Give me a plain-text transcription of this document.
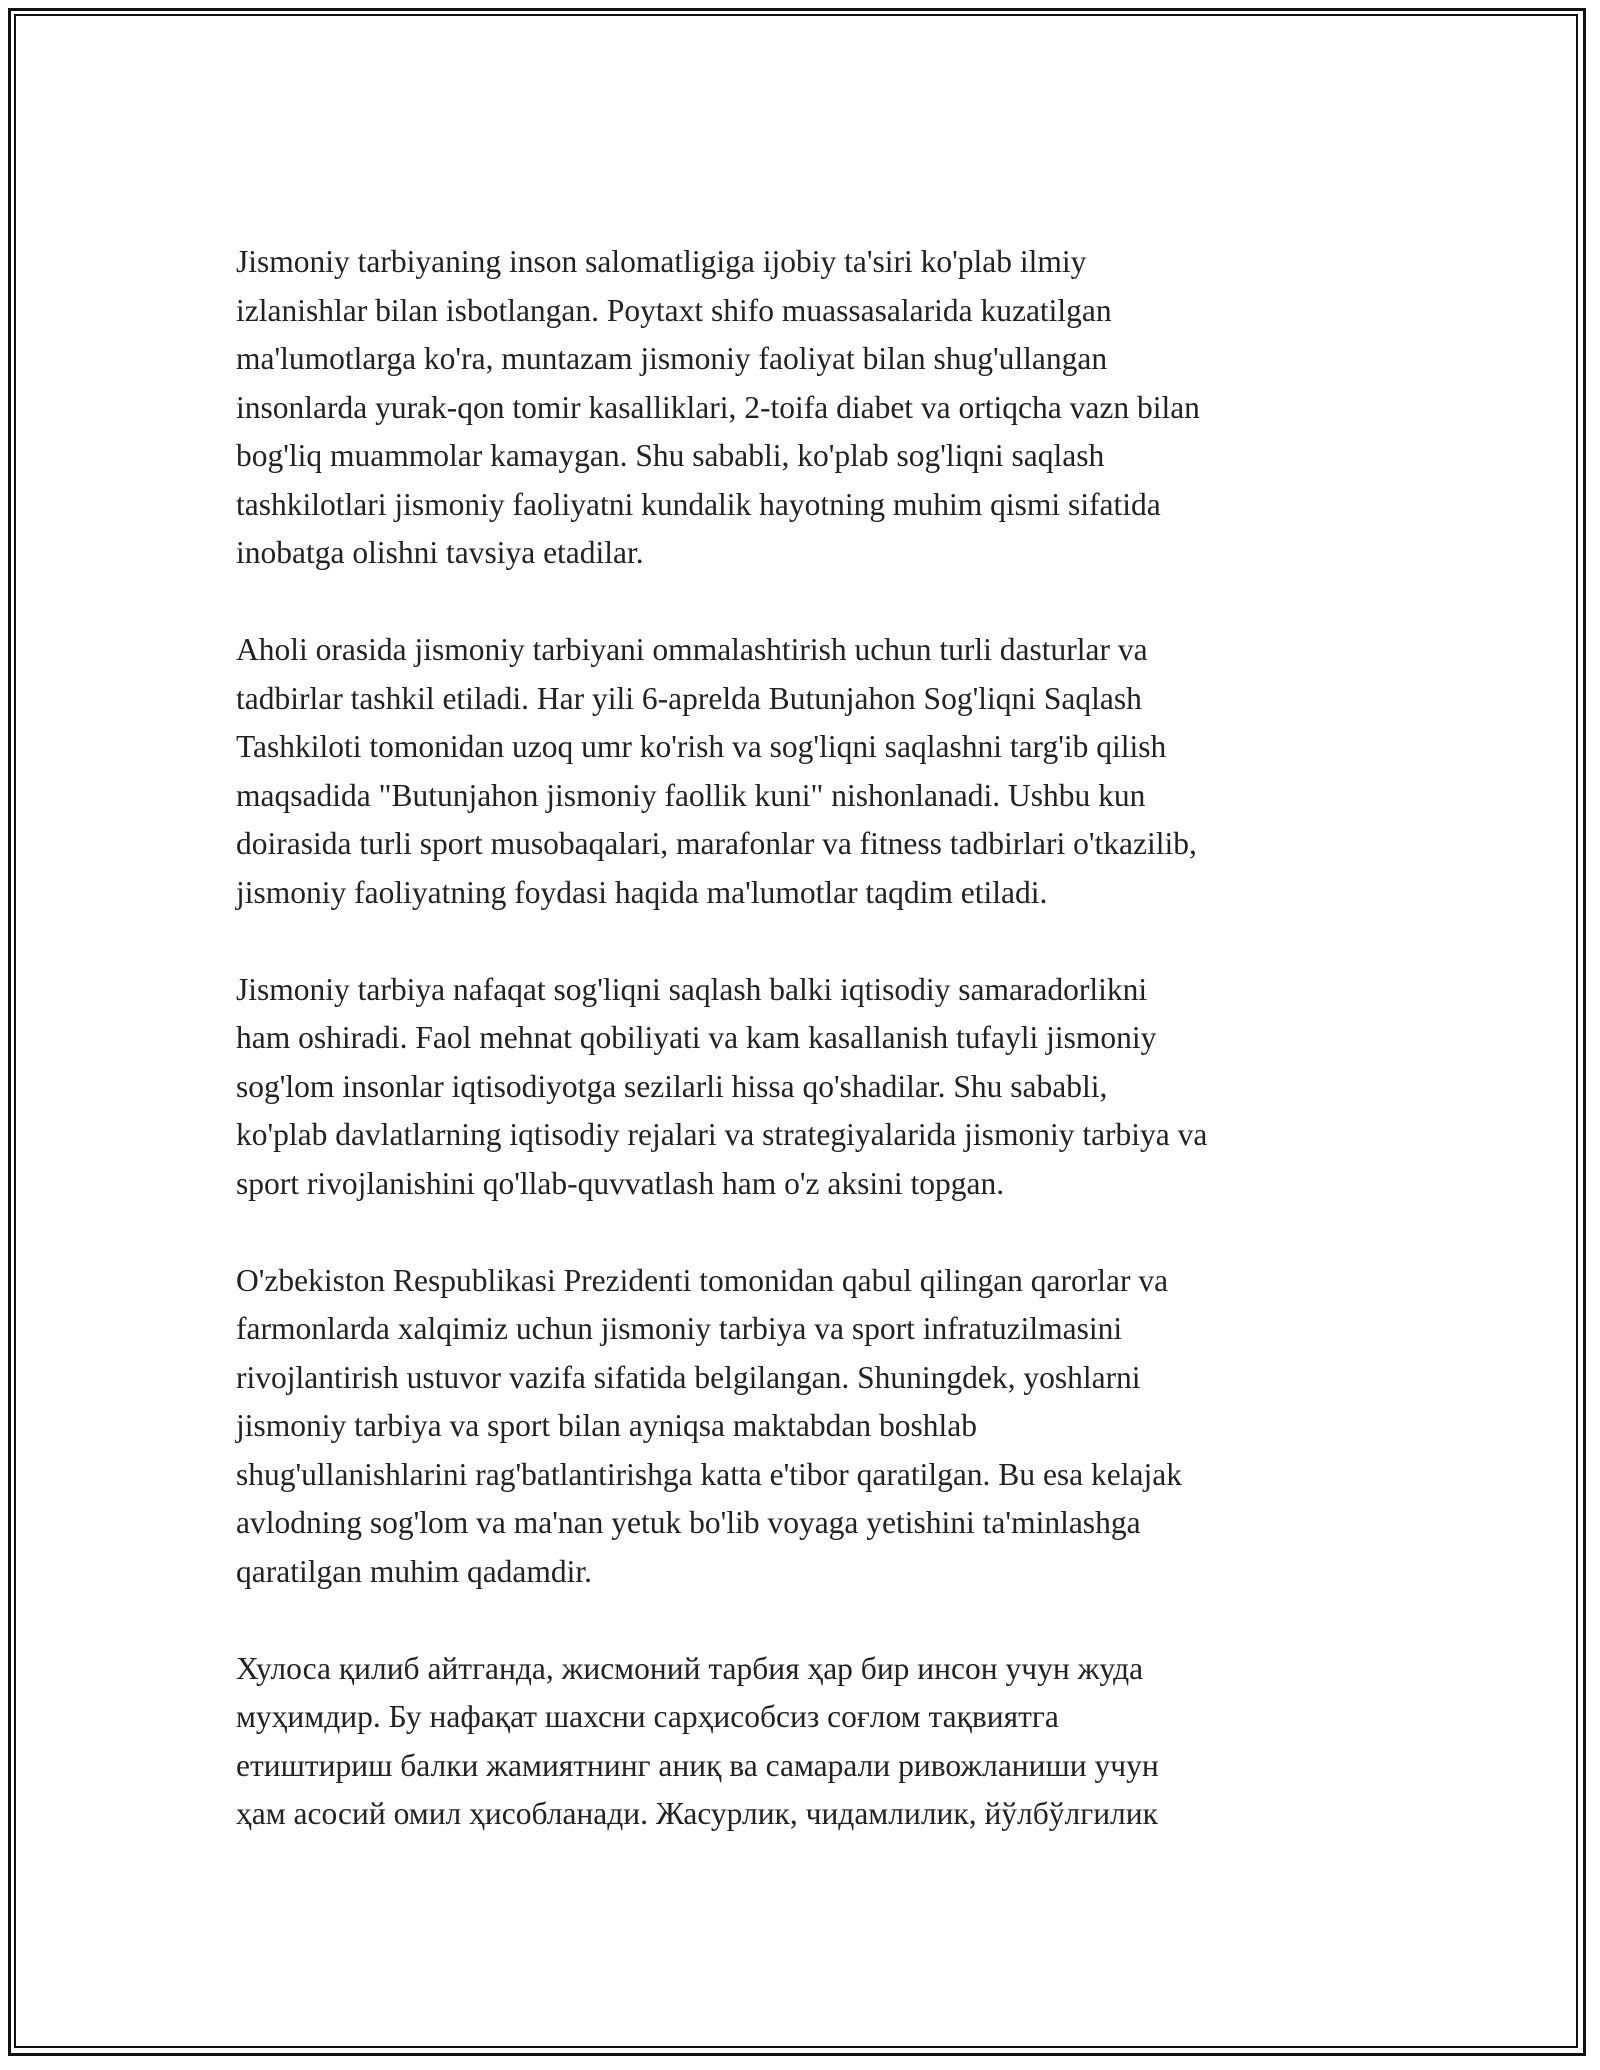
Jismoniy tarbiyaning inson salomatligiga ijobiy ta'siri ko'plab ilmiy
izlanishlar bilan isbotlangan. Poytaxt shifo muassasalarida kuzatilgan
ma'lumotlarga ko'ra, muntazam jismoniy faoliyat bilan shug'ullangan
insonlarda yurak-qon tomir kasalliklari, 2-toifa diabet va ortiqcha vazn bilan
bog'liq muammolar kamaygan. Shu sababli, ko'plab sog'liqni saqlash
tashkilotlari jismoniy faoliyatni kundalik hayotning muhim qismi sifatida
inobatga olishni tavsiya etadilar.

Aholi orasida jismoniy tarbiyani ommalashtirish uchun turli dasturlar va
tadbirlar tashkil etiladi. Har yili 6-aprelda Butunjahon Sog'liqni Saqlash
Tashkiloti tomonidan uzoq umr ko'rish va sog'liqni saqlashni targ'ib qilish
maqsadida "Butunjahon jismoniy faollik kuni" nishonlanadi. Ushbu kun
doirasida turli sport musobaqalari, marafonlar va fitness tadbirlari o'tkazilib,
jismoniy faoliyatning foydasi haqida ma'lumotlar taqdim etiladi.

Jismoniy tarbiya nafaqat sog'liqni saqlash balki iqtisodiy samaradorlikni
ham oshiradi. Faol mehnat qobiliyati va kam kasallanish tufayli jismoniy
sog'lom insonlar iqtisodiyotga sezilarli hissa qo'shadilar. Shu sababli,
ko'plab davlatlarning iqtisodiy rejalari va strategiyalarida jismoniy tarbiya va
sport rivojlanishini qo'llab-quvvatlash ham o'z aksini topgan.

O'zbekiston Respublikasi Prezidenti tomonidan qabul qilingan qarorlar va
farmonlarda xalqimiz uchun jismoniy tarbiya va sport infratuzilmasini
rivojlantirish ustuvor vazifa sifatida belgilangan. Shuningdek, yoshlarni
jismoniy tarbiya va sport bilan ayniqsa maktabdan boshlab
shug'ullanishlarini rag'batlantirishga katta e'tibor qaratilgan. Bu esa kelajak
avlodning sog'lom va ma'nan yetuk bo'lib voyaga yetishini ta'minlashga
qaratilgan muhim qadamdir.

Хулоса қилиб айтганда, жисмоний тарбия ҳар бир инсон учун жуда
муҳимдир. Бу нафақат шахсни сарҳисобсиз соғлом тақвиятга
етиштириш балки жамиятнинг аниқ ва самарали ривожланиши учун
ҳам асосий омил ҳисобланади. Жасурлик, чидамлилик, йўлбўлгилик
